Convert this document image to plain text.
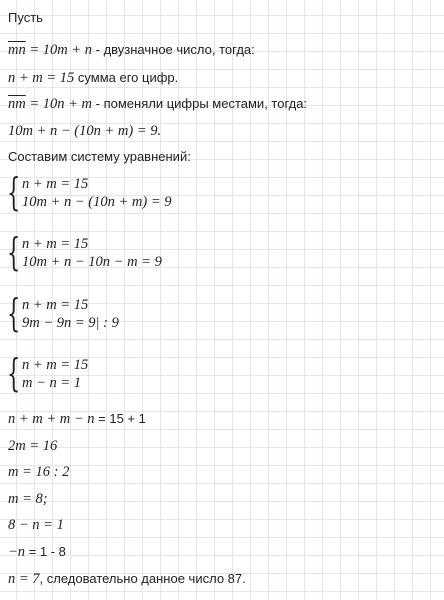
Пусть
$\overline{mn} = 10m + n$ - двузначное число, тогда:
n + m = 15 сумма его цифр.
$\overline{nm} = 10n + m$ - поменяли цифры местами, тогда:
10m + n − (10n + m) = 9.
Составим систему уравнений:
{ n + m = 15
10m + n − (10n + m) = 9
{ n + m = 15
10m + n − 10n − m = 9
{ n + m = 15
9m − 9n = 9| : 9
{ n + m = 15
m − n = 1
n + m + m − n = 15 + 1
2m = 16
m = 16 : 2
m = 8;
8 − n = 1
−n = 1 - 8
n = 7, следовательно данное число 87.
